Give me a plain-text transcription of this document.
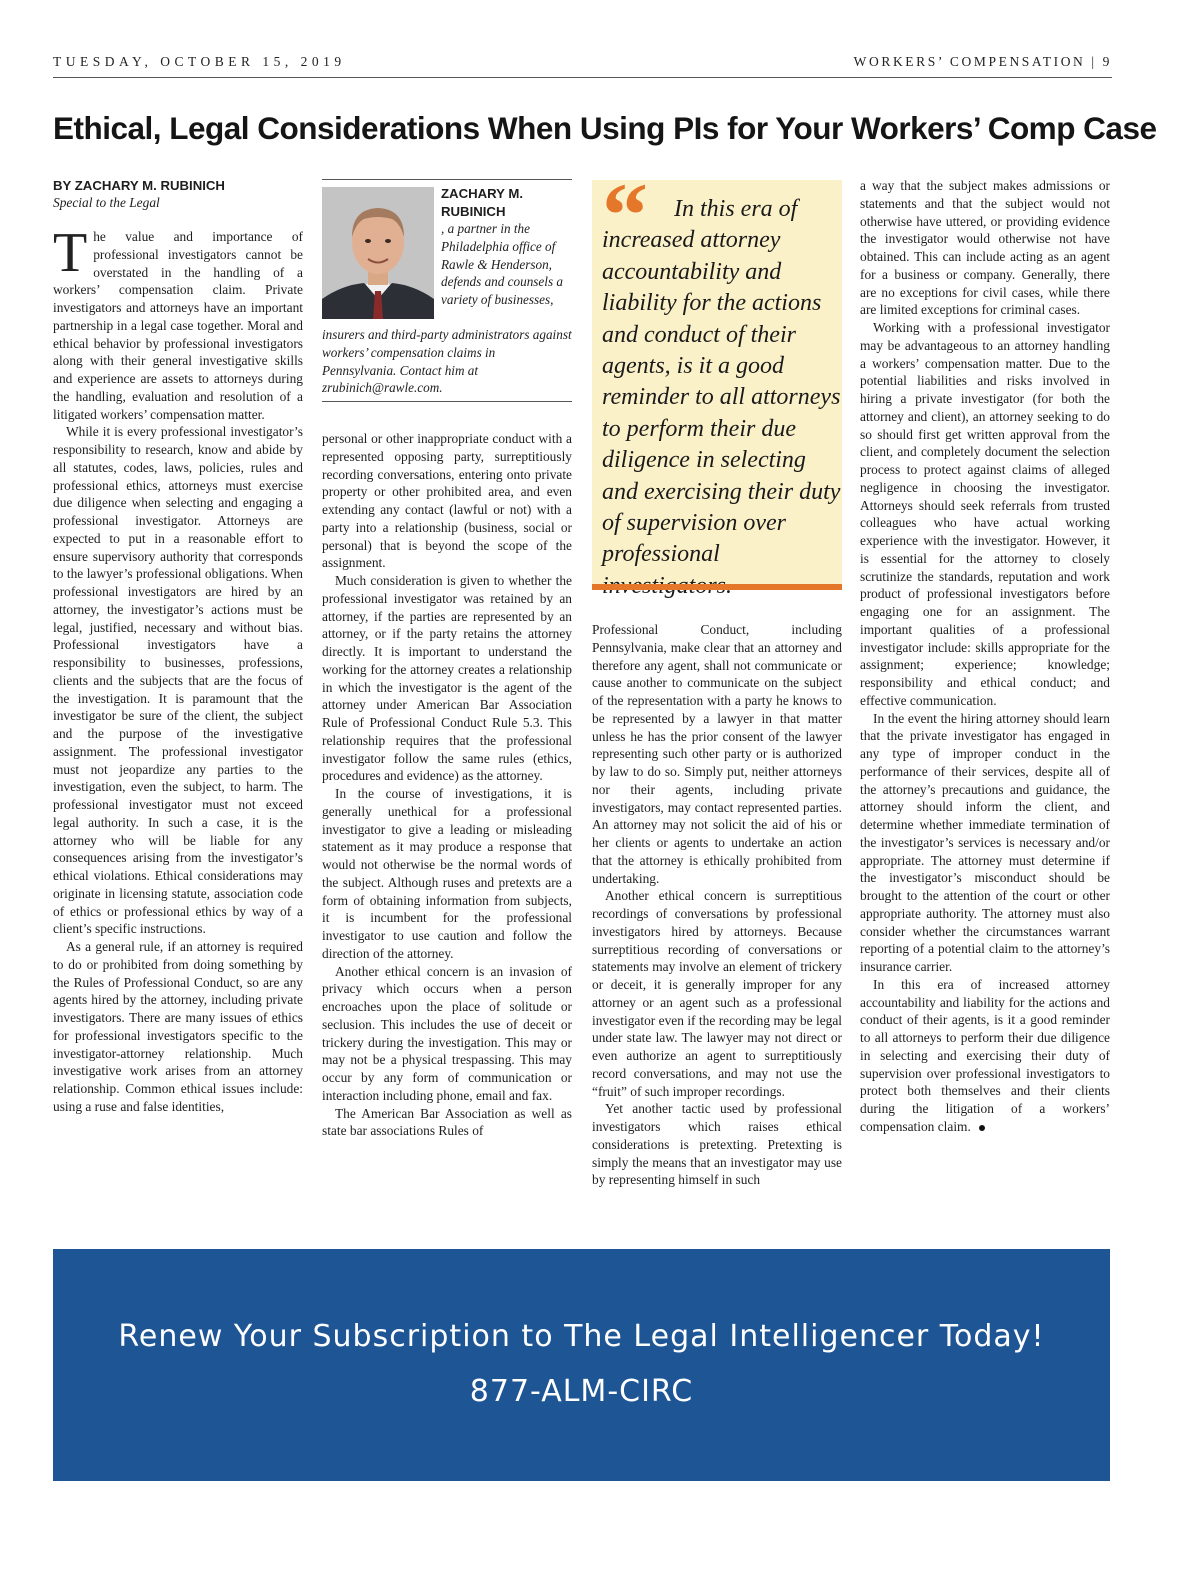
TUESDAY, OCTOBER 15, 2019	WORKERS’ COMPENSATION | 9
Ethical, Legal Considerations When Using PIs for Your Workers’ Comp Case
BY ZACHARY M. RUBINICH
Special to the Legal

The value and importance of professional investigators cannot be overstated in the handling of a workers’ compensation claim. Private investigators and attorneys have an important partnership in a legal case together. Moral and ethical behavior by professional investigators along with their general investigative skills and experience are assets to attorneys during the handling, evaluation and resolution of a litigated workers’ compensation matter.

While it is every professional investigator’s responsibility to research, know and abide by all statutes, codes, laws, policies, rules and professional ethics, attorneys must exercise due diligence when selecting and engaging a professional investigator. Attorneys are expected to put in a reasonable effort to ensure supervisory authority that corresponds to the lawyer’s professional obligations. When professional investigators are hired by an attorney, the investigator’s actions must be legal, justified, necessary and without bias. Professional investigators have a responsibility to businesses, professions, clients and the subjects that are the focus of the investigation. It is paramount that the investigator be sure of the client, the subject and the purpose of the investigative assignment. The professional investigator must not jeopardize any parties to the investigation, even the subject, to harm. The professional investigator must not exceed legal authority. In such a case, it is the attorney who will be liable for any consequences arising from the investigator’s ethical violations. Ethical considerations may originate in licensing statute, association code of ethics or professional ethics by way of a client’s specific instructions.

As a general rule, if an attorney is required to do or prohibited from doing something by the Rules of Professional Conduct, so are any agents hired by the attorney, including private investigators. There are many issues of ethics for professional investigators specific to the investigator-attorney relationship. Much investigative work arises from an attorney relationship. Common ethical issues include: using a ruse and false identities,

ZACHARY M. RUBINICH
, a partner in the Philadelphia office of Rawle & Henderson, defends and counsels a variety of businesses,
insurers and third-party administrators against workers’ compensation claims in Pennsylvania. Contact him at zrubinich@rawle.com.

personal or other inappropriate conduct with a represented opposing party, surreptitiously recording conversations, entering onto private property or other prohibited area, and even extending any contact (lawful or not) with a party into a relationship (business, social or personal) that is beyond the scope of the assignment.

Much consideration is given to whether the professional investigator was retained by an attorney, if the parties are represented by an attorney, or if the party retains the attorney directly. It is important to understand the working for the attorney creates a relationship in which the investigator is the agent of the attorney under American Bar Association Rule of Professional Conduct Rule 5.3. This relationship requires that the professional investigator follow the same rules (ethics, procedures and evidence) as the attorney.

In the course of investigations, it is generally unethical for a professional investigator to give a leading or misleading statement as it may produce a response that would not otherwise be the normal words of the subject. Although ruses and pretexts are a form of obtaining information from subjects, it is incumbent for the professional investigator to use caution and follow the direction of the attorney.

Another ethical concern is an invasion of privacy which occurs when a person encroaches upon the place of solitude or seclusion. This includes the use of deceit or trickery during the investigation. This may or may not be a physical trespassing. This may occur by any form of communication or interaction including phone, email and fax.

The American Bar Association as well as state bar associations Rules of

“	In this era of increased attorney accountability and liability for the actions and conduct of their agents, is it a good reminder to all attorneys to perform their due diligence in selecting and exercising their duty of supervision over professional

Professional Conduct, including Pennsylvania, make clear that an attorney and therefore any agent, shall not communicate or cause another to communicate on the subject of the representation with a party he knows to be represented by a lawyer in that matter unless he has the prior consent of the lawyer representing such other party or is authorized by law to do so. Simply put, neither attorneys nor their agents, including private investigators, may contact represented parties. An attorney may not solicit the aid of his or her clients or agents to undertake an action that the attorney is ethically prohibited from undertaking.

Another ethical concern is surreptitious recordings of conversations by professional investigators hired by attorneys. Because surreptitious recording of conversations or statements may involve an element of trickery or deceit, it is generally improper for any attorney or an agent such as a professional investigator even if the recording may be legal under state law. The lawyer may not direct or even authorize an agent to surreptitiously record conversations, and may not use the “fruit” of such improper recordings.

Yet another tactic used by professional investigators which raises ethical considerations is pretexting. Pretexting is simply the means that an investigator may use by representing himself in such

a way that the subject makes admissions or statements and that the subject would not otherwise have uttered, or providing evidence the investigator would otherwise not have obtained. This can include acting as an agent for a business or company. Generally, there are no exceptions for civil cases, while there are limited exceptions for criminal cases.

Working with a professional investigator may be advantageous to an attorney handling a workers’ compensation matter. Due to the potential liabilities and risks involved in hiring a private investigator (for both the attorney and client), an attorney seeking to do so should first get written approval from the client, and completely document the selection process to protect against claims of alleged negligence in choosing the investigator. Attorneys should seek referrals from trusted colleagues who have actual working experience with the investigator. However, it is essential for the attorney to closely scrutinize the standards, reputation and work product of professional investigators before engaging one for an assignment. The important qualities of a professional investigator include: skills appropriate for the assignment; experience; knowledge; responsibility and ethical conduct; and effective communication.

In the event the hiring attorney should learn that the private investigator has engaged in any type of improper conduct in the performance of their services, despite all of the attorney’s precautions and guidance, the attorney should inform the client, and determine whether immediate termination of the investigator’s services is necessary and/or appropriate. The attorney must determine if the investigator’s misconduct should be brought to the attention of the court or other appropriate authority. The attorney must also consider whether the circumstances warrant reporting of a potential claim to the attorney’s insurance carrier.

In this era of increased attorney accountability and liability for the actions and conduct of their agents, is it a good reminder to all attorneys to perform their due diligence in selecting and exercising their duty of supervision over professional investigators to protect both themselves and their clients during the litigation of a workers’ compensation claim.

Renew Your Subscription to The Legal Intelligencer Today!
877-ALM-CIRC
